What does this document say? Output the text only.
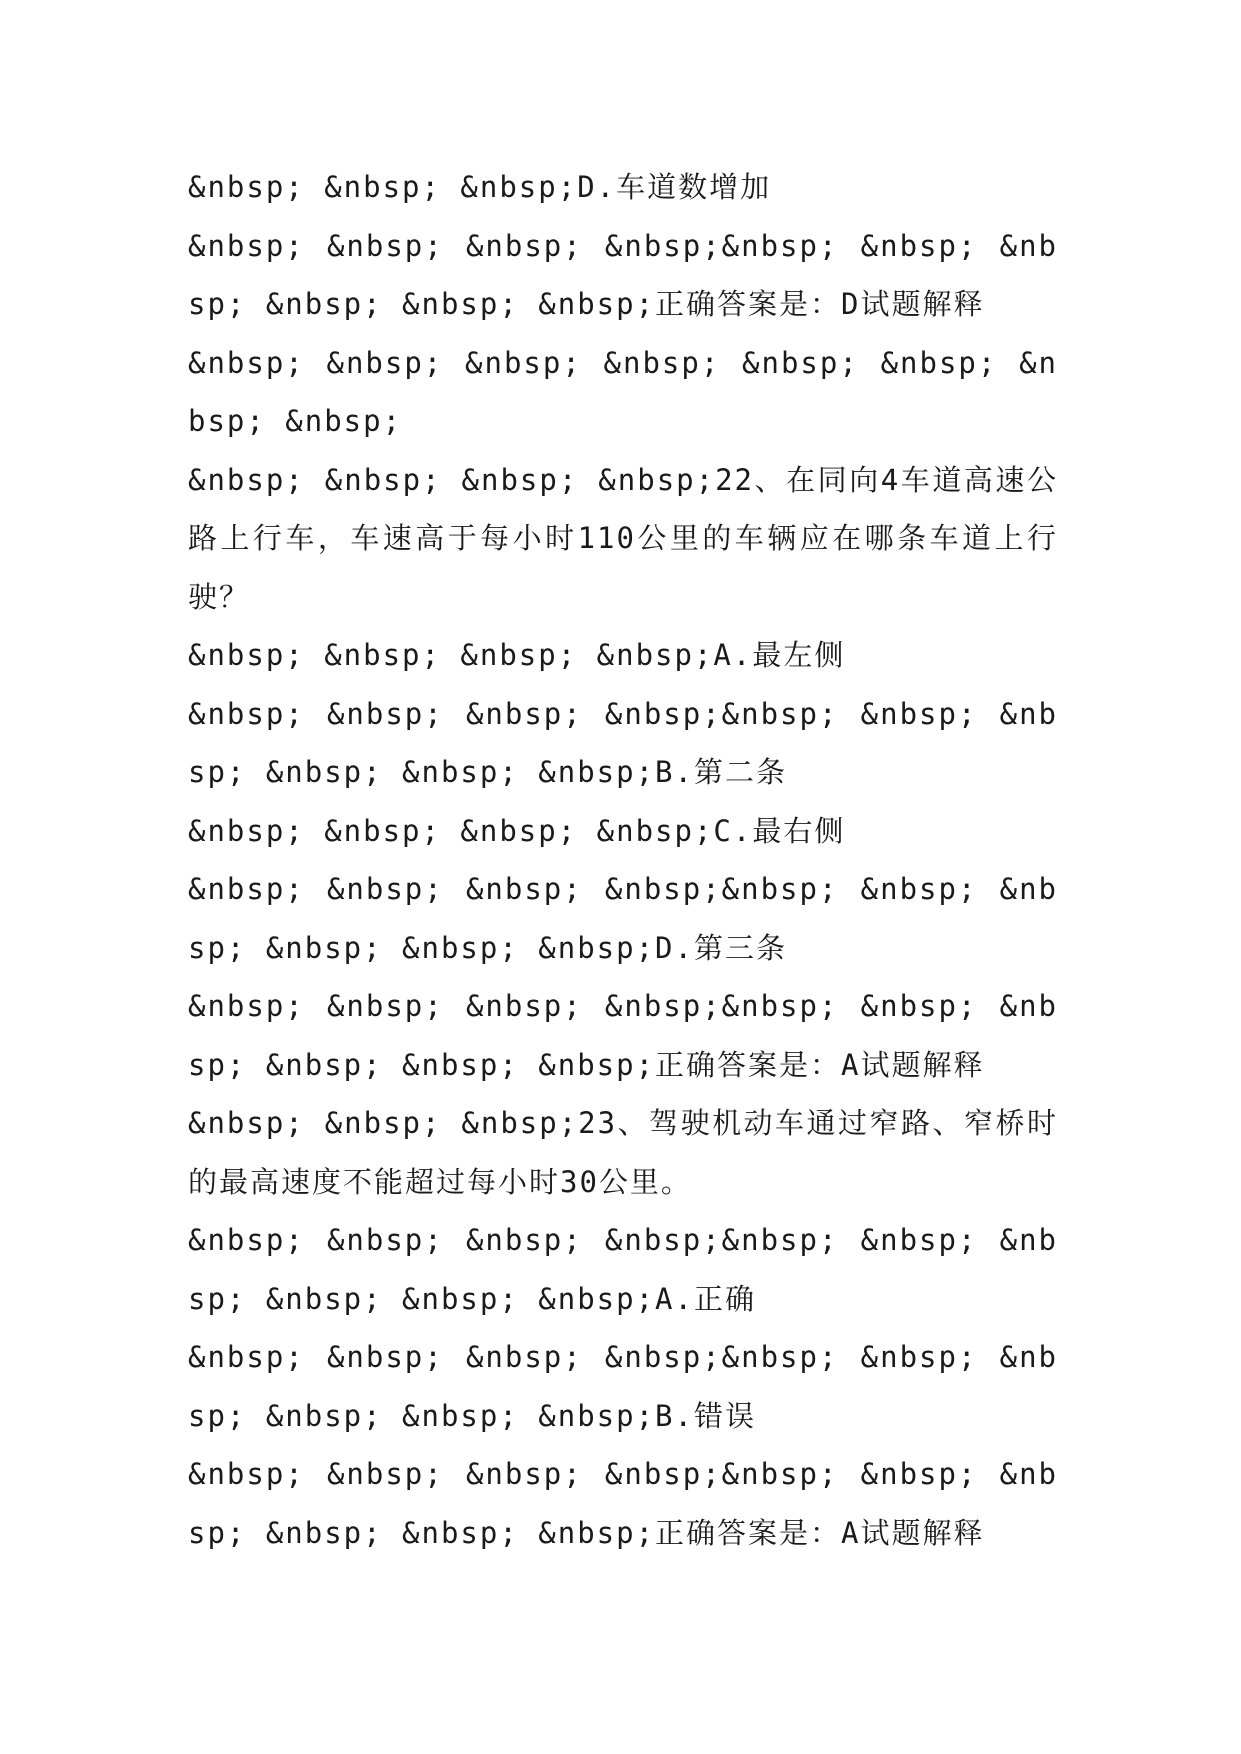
&nbsp; &nbsp; &nbsp;D.车道数增加

&nbsp; &nbsp; &nbsp; &nbsp;&nbsp; &nbsp; &nbsp; &nbsp; &nbsp; &nbsp;正确答案是：D试题解释

&nbsp; &nbsp; &nbsp; &nbsp; &nbsp; &nbsp; &nbsp; &nbsp;

&nbsp; &nbsp; &nbsp; &nbsp;22、在同向4车道高速公路上行车，车速高于每小时110公里的车辆应在哪条车道上行驶？

&nbsp; &nbsp; &nbsp; &nbsp;A.最左侧

&nbsp; &nbsp; &nbsp; &nbsp;&nbsp; &nbsp; &nbsp; &nbsp; &nbsp; &nbsp;B.第二条

&nbsp; &nbsp; &nbsp; &nbsp;C.最右侧

&nbsp; &nbsp; &nbsp; &nbsp;&nbsp; &nbsp; &nbsp; &nbsp; &nbsp; &nbsp;D.第三条

&nbsp; &nbsp; &nbsp; &nbsp;&nbsp; &nbsp; &nbsp; &nbsp; &nbsp; &nbsp;正确答案是：A试题解释

&nbsp; &nbsp; &nbsp;23、驾驶机动车通过窄路、窄桥时的最高速度不能超过每小时30公里。

&nbsp; &nbsp; &nbsp; &nbsp;&nbsp; &nbsp; &nbsp; &nbsp; &nbsp; &nbsp;A.正确

&nbsp; &nbsp; &nbsp; &nbsp;&nbsp; &nbsp; &nbsp; &nbsp; &nbsp; &nbsp;B.错误

&nbsp; &nbsp; &nbsp; &nbsp;&nbsp; &nbsp; &nbsp; &nbsp; &nbsp; &nbsp;正确答案是：A试题解释
